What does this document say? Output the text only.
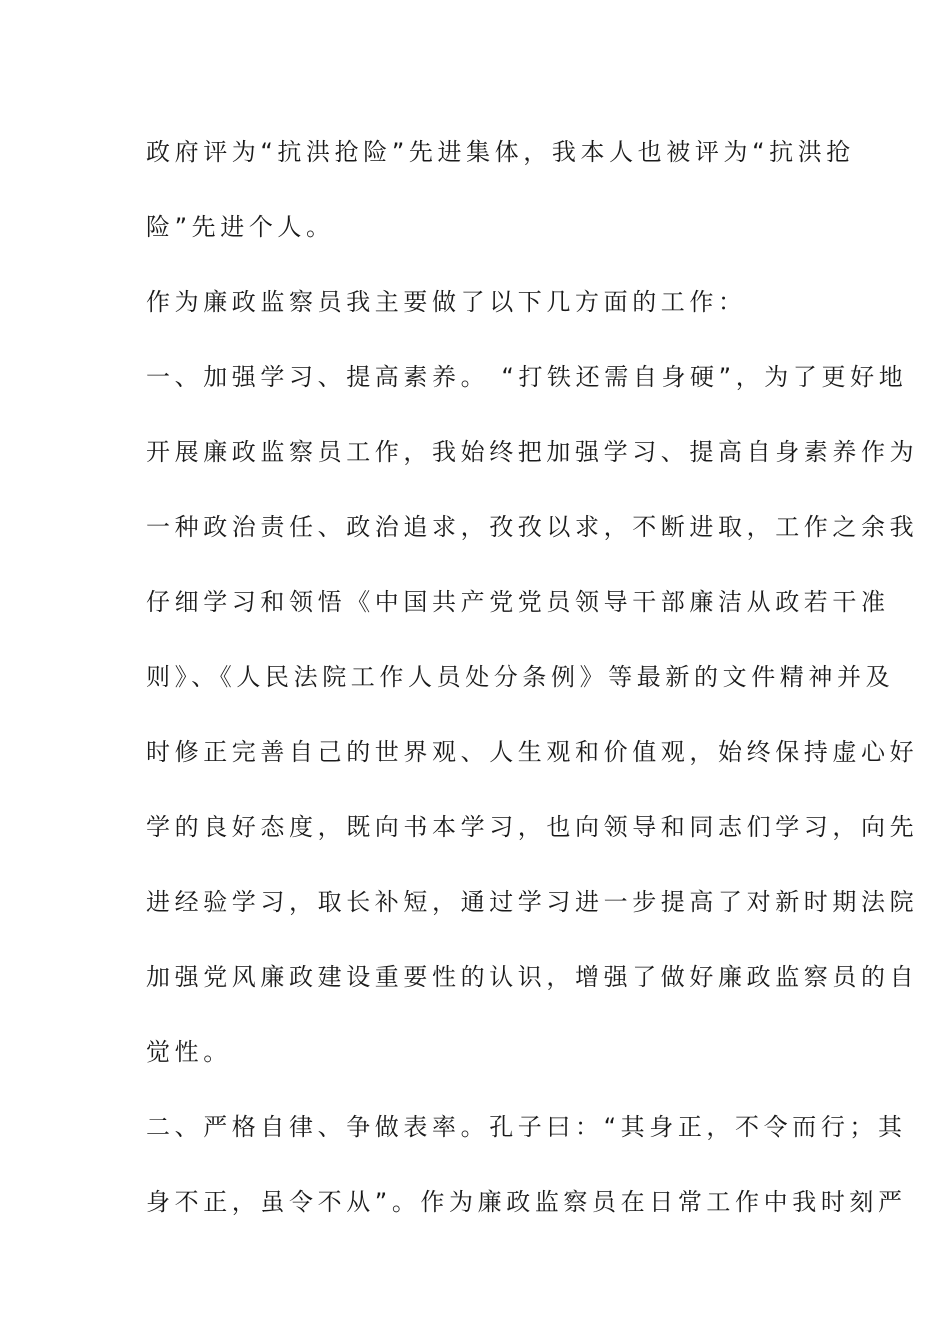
政府评为“抗洪抢险”先进集体，我本人也被评为“抗洪抢
险”先进个人。
作为廉政监察员我主要做了以下几方面的工作：
一、加强学习、提高素养。 “打铁还需自身硬”，为了更好地
开展廉政监察员工作，我始终把加强学习、提高自身素养作为
一种政治责任、政治追求，孜孜以求，不断进取，工作之余我
仔细学习和领悟《中国共产党党员领导干部廉洁从政若干准
则》、《人民法院工作人员处分条例》等最新的文件精神并及
时修正完善自己的世界观、人生观和价值观，始终保持虚心好
学的良好态度，既向书本学习，也向领导和同志们学习，向先
进经验学习，取长补短，通过学习进一步提高了对新时期法院
加强党风廉政建设重要性的认识，增强了做好廉政监察员的自
觉性。
二、严格自律、争做表率。孔子曰：“其身正，不令而行；其
身不正，虽令不从”。作为廉政监察员在日常工作中我时刻严
